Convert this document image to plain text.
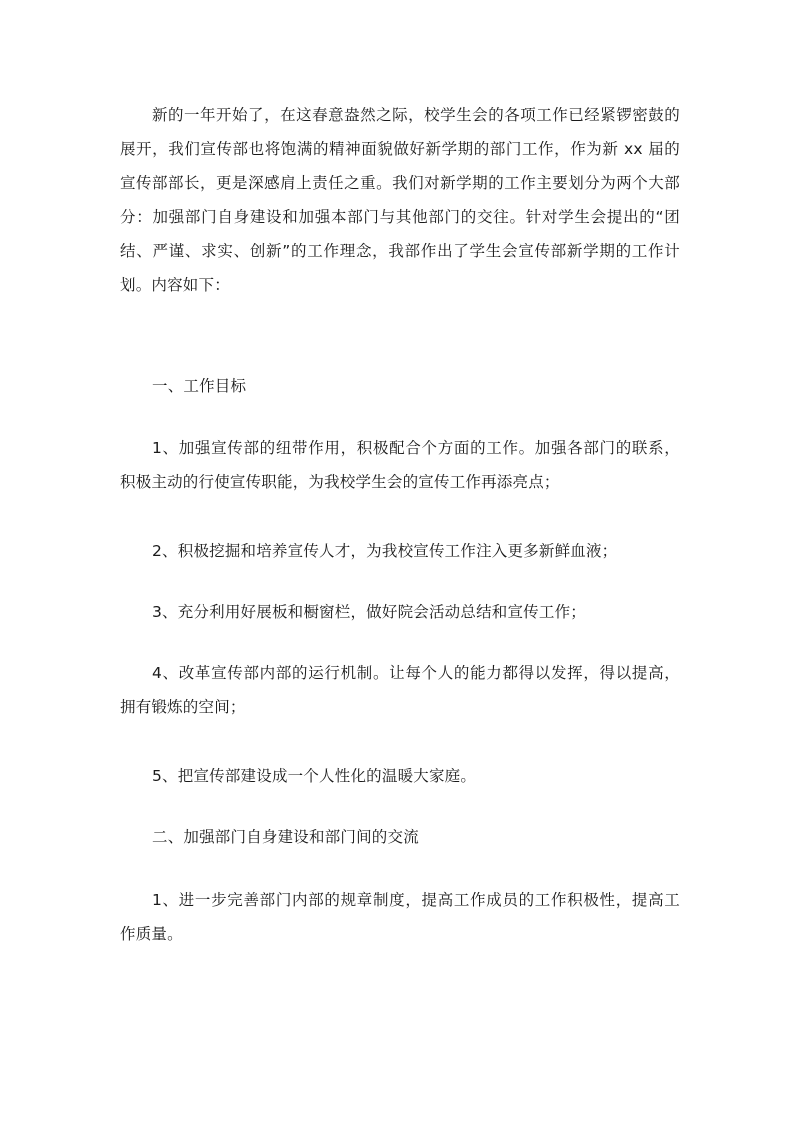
新的一年开始了，在这春意盎然之际，校学生会的各项工作已经紧锣密鼓的展开，我们宣传部也将饱满的精神面貌做好新学期的部门工作，作为新 xx 届的宣传部部长，更是深感肩上责任之重。我们对新学期的工作主要划分为两个大部分：加强部门自身建设和加强本部门与其他部门的交往。针对学生会提出的“团结、严谨、求实、创新”的工作理念，我部作出了学生会宣传部新学期的工作计划。内容如下：

一、工作目标

1、加强宣传部的纽带作用，积极配合个方面的工作。加强各部门的联系，积极主动的行使宣传职能，为我校学生会的宣传工作再添亮点；

2、积极挖掘和培养宣传人才，为我校宣传工作注入更多新鲜血液；

3、充分利用好展板和橱窗栏，做好院会活动总结和宣传工作；

4、改革宣传部内部的运行机制。让每个人的能力都得以发挥，得以提高，拥有锻炼的空间；

5、把宣传部建设成一个人性化的温暖大家庭。

二、加强部门自身建设和部门间的交流

1、进一步完善部门内部的规章制度，提高工作成员的工作积极性，提高工作质量。
